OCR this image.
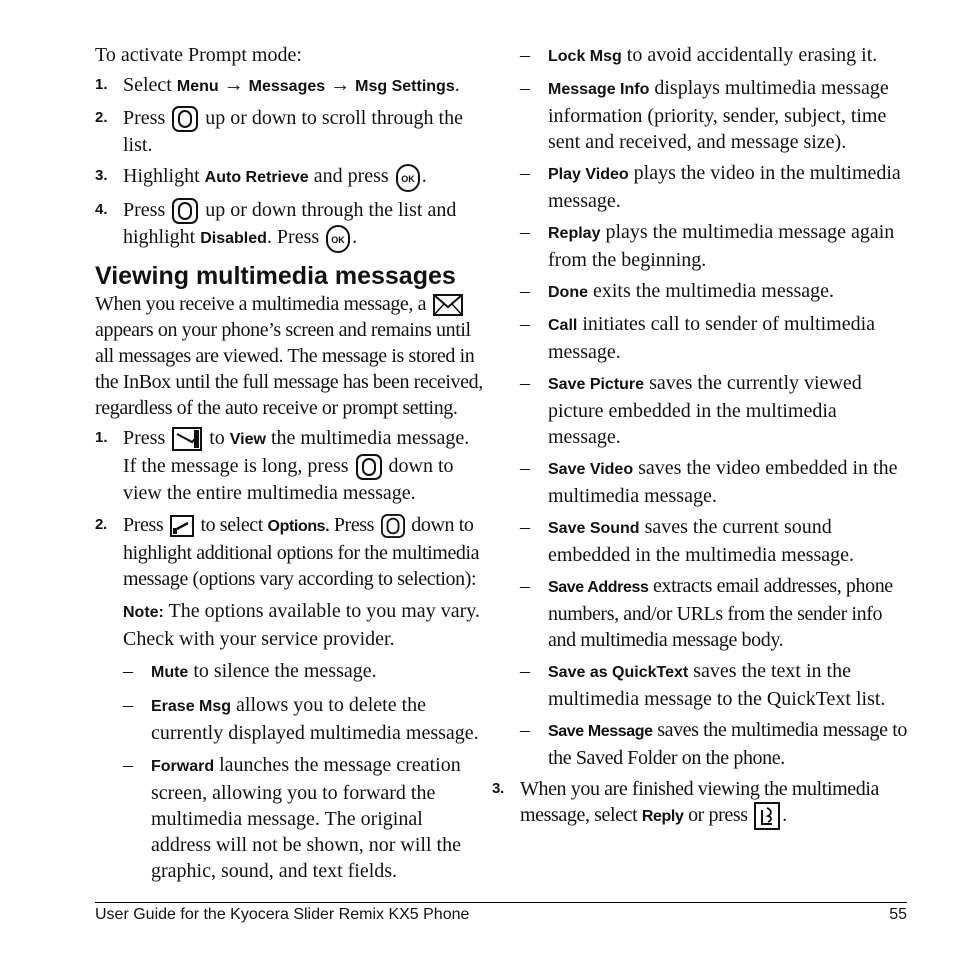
To activate Prompt mode:

1. Select Menu → Messages → Msg Settings.
2. Press up or down to scroll through the list.
3. Highlight Auto Retrieve and press OK .
4. Press up or down through the list and highlight Disabled. Press OK .
Viewing multimedia messages

When you receive a multimedia message, a  appears on your phone’s screen and remains until all messages are viewed. The message is stored in the InBox until the full message has been received, regardless of the auto receive or prompt setting.

1. Press to View the multimedia message. If the message is long, press down to view the entire multimedia message.
2. Press to select Options. Press down to highlight additional options for the multimedia message (options vary according to selection):

Note: The options available to you may vary. Check with your service provider.

– Mute to silence the message.
– Erase Msg allows you to delete the currently displayed multimedia message.
– Forward launches the message creation screen, allowing you to forward the multimedia message. The original address will not be shown, nor will the graphic, sound, and text fields.
– Lock Msg to avoid accidentally erasing it.
– Message Info displays multimedia message information (priority, sender, subject, time sent and received, and message size).
– Play Video plays the video in the multimedia message.
– Replay plays the multimedia message again from the beginning.
– Done exits the multimedia message.
– Call initiates call to sender of multimedia message.
– Save Picture saves the currently viewed picture embedded in the multimedia message.
– Save Video saves the video embedded in the multimedia message.
– Save Sound saves the current sound embedded in the multimedia message.
– Save Address extracts email addresses, phone numbers, and/or URLs from the sender info and multimedia message body.
– Save as QuickText saves the text in the multimedia message to the QuickText list.
– Save Message saves the multimedia message to the Saved Folder on the phone.
3. When you are finished viewing the multimedia message, select Reply or press .
User Guide for the Kyocera Slider Remix KX5 Phone	55
